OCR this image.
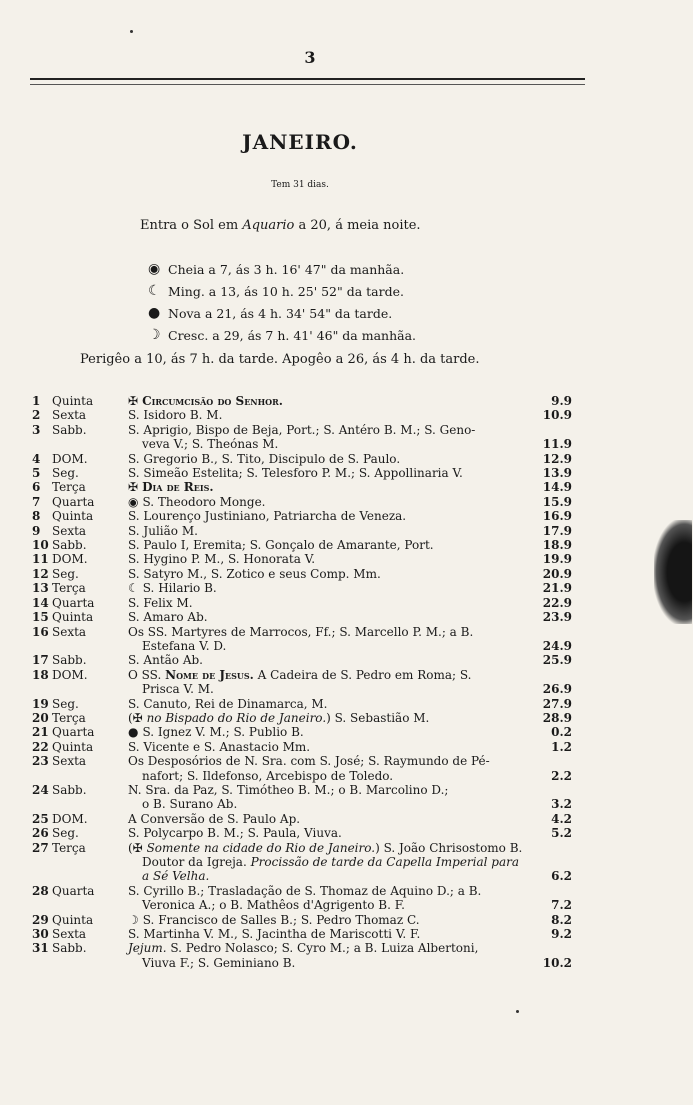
3
JANEIRO.
Tem 31 dias.
Entra o Sol em Aquario a 20, á meia noite.
◉ Cheia a 7, ás 3 h. 16' 47" da manhãa.
☾ Ming. a 13, ás 10 h. 25' 52" da tarde.
● Nova a 21, ás 4 h. 34' 54" da tarde.
☽ Cresc. a 29, ás 7 h. 41' 46" da manhãa.
Perigêo a 10, ás 7 h. da tarde. Apogêo a 26, ás 4 h. da tarde.
1 Quinta	✠ Circumcisão do Senhor.	9.9
2 Sexta	S. Isidoro B. M.	10.9
3 Sabb.	S. Aprigio, Bispo de Beja, Port.; S. Antéro B. M.; S. Geno-
veva V.; S. Theónas M.	11.9
4 DOM.	S. Gregorio B., S. Tito, Discipulo de S. Paulo.	12.9
5 Seg.	S. Simeão Estelita; S. Telesforo P. M.; S. Appollinaria V.	13.9
6 Terça	✠ Dia de Reis.	14.9
7 Quarta	◉ S. Theodoro Monge.	15.9
8 Quinta	S. Lourenço Justiniano, Patriarcha de Veneza.	16.9
9 Sexta	S. Julião M.	17.9
10 Sabb.	S. Paulo I, Eremita; S. Gonçalo de Amarante, Port.	18.9
11 DOM.	S. Hygino P. M., S. Honorata V.	19.9
12 Seg.	S. Satyro M., S. Zotico e seus Comp. Mm.	20.9
13 Terça	☾ S. Hilario B.	21.9
14 Quarta	S. Felix M.	22.9
15 Quinta	S. Amaro Ab.	23.9
16 Sexta	Os SS. Martyres de Marrocos, Ff.; S. Marcello P. M.; a B.
Estefana V. D.	24.9
17 Sabb.	S. Antão Ab.	25.9
18 DOM.	O SS. Nome de Jesus. A Cadeira de S. Pedro em Roma; S.
Prisca V. M.	26.9
19 Seg.	S. Canuto, Rei de Dinamarca, M.	27.9
20 Terça	(✠ no Bispado do Rio de Janeiro.) S. Sebastião M.	28.9
21 Quarta	● S. Ignez V. M.; S. Publio B.	0.2
22 Quinta	S. Vicente e S. Anastacio Mm.	1.2
23 Sexta	Os Desposórios de N. Sra. com S. José; S. Raymundo de Pé-
nafort; S. Ildefonso, Arcebispo de Toledo.	2.2
24 Sabb.	N. Sra. da Paz, S. Timótheo B. M.; o B. Marcolino D.;
o B. Surano Ab.	3.2
25 DOM.	A Conversão de S. Paulo Ap.	4.2
26 Seg.	S. Polycarpo B. M.; S. Paula, Viuva.	5.2
27 Terça	(✠ Somente na cidade do Rio de Janeiro.) S. João Chrisostomo B.
Doutor da Igreja. Procissão de tarde da Capella Imperial para a Sé Velha.	6.2
28 Quarta	S. Cyrillo B.; Trasladação de S. Thomaz de Aquino D.; a B.
Veronica A.; o B. Mathêos d'Agrigento B. F.	7.2
29 Quinta	☽ S. Francisco de Salles B.; S. Pedro Thomaz C.	8.2
30 Sexta	S. Martinha V. M., S. Jacintha de Mariscotti V. F.	9.2
31 Sabb.	Jejum. S. Pedro Nolasco; S. Cyro M.; a B. Luiza Albertoni,
Viuva F.; S. Geminiano B.	10.2
